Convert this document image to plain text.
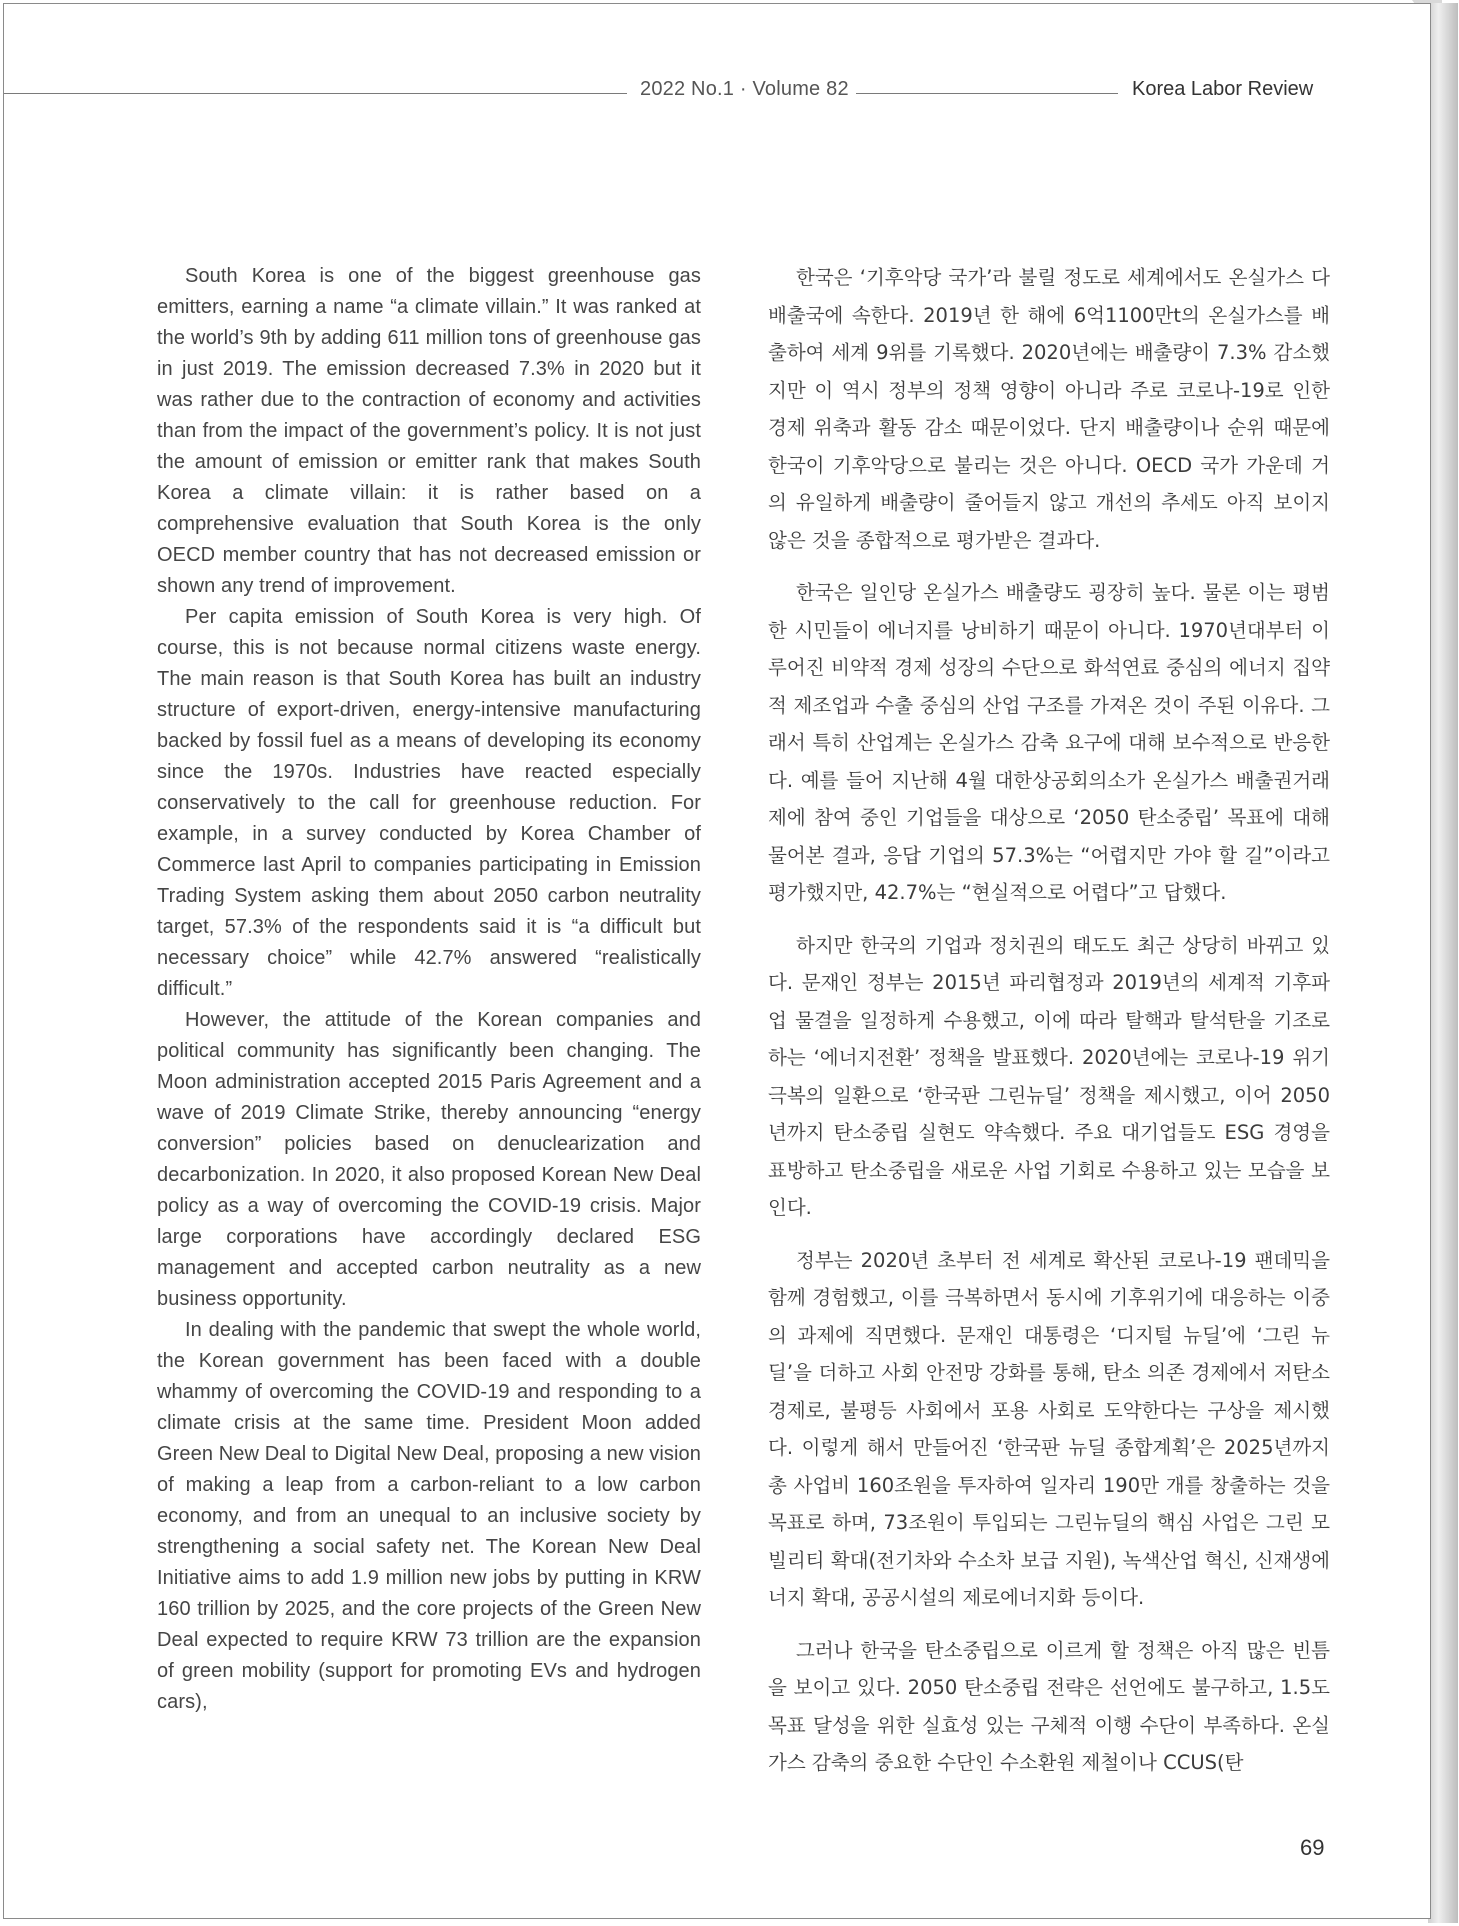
2022 No.1 · Volume 82	Korea Labor Review

South Korea is one of the biggest greenhouse gas emitters, earning a name “a climate villain.” It was ranked at the world’s 9th by adding 611 million tons of greenhouse gas in just 2019. The emission decreased 7.3% in 2020 but it was rather due to the contraction of economy and activities than from the impact of the government’s policy. It is not just the amount of emission or emitter rank that makes South Korea a climate villain: it is rather based on a comprehensive evaluation that South Korea is the only OECD member country that has not decreased emission or shown any trend of improvement.

Per capita emission of South Korea is very high. Of course, this is not because normal citizens waste energy. The main reason is that South Korea has built an industry structure of export-driven, energy-intensive manufacturing backed by fossil fuel as a means of developing its economy since the 1970s. Industries have reacted especially conservatively to the call for greenhouse reduction. For example, in a survey conducted by Korea Chamber of Commerce last April to companies participating in Emission Trading System asking them about 2050 carbon neutrality target, 57.3% of the respondents said it is “a difficult but necessary choice” while 42.7% answered “realistically difficult.”

However, the attitude of the Korean companies and political community has significantly been changing. The Moon administration accepted 2015 Paris Agreement and a wave of 2019 Climate Strike, thereby announcing “energy conversion” policies based on denuclearization and decarbonization. In 2020, it also proposed Korean New Deal policy as a way of overcoming the COVID-19 crisis. Major large corporations have accordingly declared ESG management and accepted carbon neutrality as a new business opportunity.

In dealing with the pandemic that swept the whole world, the Korean government has been faced with a double whammy of overcoming the COVID-19 and responding to a climate crisis at the same time. President Moon added Green New Deal to Digital New Deal, proposing a new vision of making a leap from a carbon-reliant to a low carbon economy, and from an unequal to an inclusive society by strengthening a social safety net. The Korean New Deal Initiative aims to add 1.9 million new jobs by putting in KRW 160 trillion by 2025, and the core projects of the Green New Deal expected to require KRW 73 trillion are the expansion of green mobility (support for promoting EVs and hydrogen cars),

한국은 ‘기후악당 국가’라 불릴 정도로 세계에서도 온실가스 다배출국에 속한다. 2019년 한 해에 6억1100만t의 온실가스를 배출하여 세계 9위를 기록했다. 2020년에는 배출량이 7.3% 감소했지만 이 역시 정부의 정책 영향이 아니라 주로 코로나-19로 인한 경제 위축과 활동 감소 때문이었다. 단지 배출량이나 순위 때문에 한국이 기후악당으로 불리는 것은 아니다. OECD 국가 가운데 거의 유일하게 배출량이 줄어들지 않고 개선의 추세도 아직 보이지 않은 것을 종합적으로 평가받은 결과다.

한국은 일인당 온실가스 배출량도 굉장히 높다. 물론 이는 평범한 시민들이 에너지를 낭비하기 때문이 아니다. 1970년대부터 이루어진 비약적 경제 성장의 수단으로 화석연료 중심의 에너지 집약적 제조업과 수출 중심의 산업 구조를 가져온 것이 주된 이유다. 그래서 특히 산업계는 온실가스 감축 요구에 대해 보수적으로 반응한다. 예를 들어 지난해 4월 대한상공회의소가 온실가스 배출권거래제에 참여 중인 기업들을 대상으로 ‘2050 탄소중립’ 목표에 대해 물어본 결과, 응답 기업의 57.3%는 “어렵지만 가야 할 길”이라고 평가했지만, 42.7%는 “현실적으로 어렵다”고 답했다.

하지만 한국의 기업과 정치권의 태도도 최근 상당히 바뀌고 있다. 문재인 정부는 2015년 파리협정과 2019년의 세계적 기후파업 물결을 일정하게 수용했고, 이에 따라 탈핵과 탈석탄을 기조로 하는 ‘에너지전환’ 정책을 발표했다. 2020년에는 코로나-19 위기 극복의 일환으로 ‘한국판 그린뉴딜’ 정책을 제시했고, 이어 2050년까지 탄소중립 실현도 약속했다. 주요 대기업들도 ESG 경영을 표방하고 탄소중립을 새로운 사업 기회로 수용하고 있는 모습을 보인다.

정부는 2020년 초부터 전 세계로 확산된 코로나-19 팬데믹을 함께 경험했고, 이를 극복하면서 동시에 기후위기에 대응하는 이중의 과제에 직면했다. 문재인 대통령은 ‘디지털 뉴딜’에 ‘그린 뉴딜’을 더하고 사회 안전망 강화를 통해, 탄소 의존 경제에서 저탄소 경제로, 불평등 사회에서 포용 사회로 도약한다는 구상을 제시했다. 이렇게 해서 만들어진 ‘한국판 뉴딜 종합계획’은 2025년까지 총 사업비 160조원을 투자하여 일자리 190만 개를 창출하는 것을 목표로 하며, 73조원이 투입되는 그린뉴딜의 핵심 사업은 그린 모빌리티 확대(전기차와 수소차 보급 지원), 녹색산업 혁신, 신재생에너지 확대, 공공시설의 제로에너지화 등이다.

그러나 한국을 탄소중립으로 이르게 할 정책은 아직 많은 빈틈을 보이고 있다. 2050 탄소중립 전략은 선언에도 불구하고, 1.5도 목표 달성을 위한 실효성 있는 구체적 이행 수단이 부족하다. 온실가스 감축의 중요한 수단인 수소환원 제철이나 CCUS(탄

69
